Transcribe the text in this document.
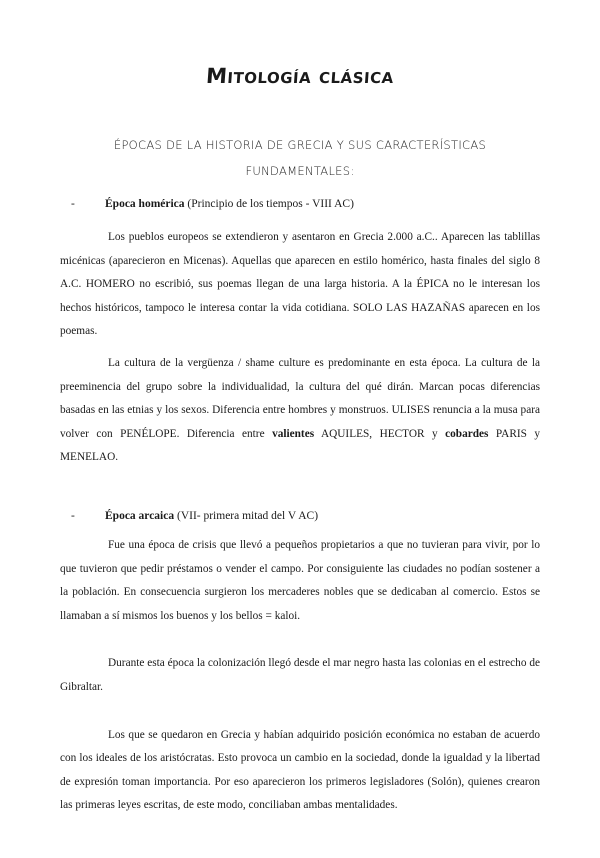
Mitología clásica
ÉPOCAS DE LA HISTORIA DE GRECIA Y SUS CARACTERÍSTICAS
FUNDAMENTALES:
-	Época homérica (Principio de los tiempos - VIII AC)

Los pueblos europeos se extendieron y asentaron en Grecia 2.000 a.C.. Aparecen las tablillas micénicas (aparecieron en Micenas). Aquellas que aparecen en estilo homérico, hasta finales del siglo 8 A.C. HOMERO no escribió, sus poemas llegan de una larga historia. A la ÉPICA no le interesan los hechos históricos, tampoco le interesa contar la vida cotidiana. SOLO LAS HAZAÑAS aparecen en los poemas.

La cultura de la vergüenza / shame culture es predominante en esta época. La cultura de la preeminencia del grupo sobre la individualidad, la cultura del qué dirán. Marcan pocas diferencias basadas en las etnias y los sexos. Diferencia entre hombres y monstruos. ULISES renuncia a la musa para volver con PENÉLOPE. Diferencia entre valientes AQUILES, HECTOR y cobardes PARIS y MENELAO.

-	Época arcaica (VII- primera mitad del V AC)

Fue una época de crisis que llevó a pequeños propietarios a que no tuvieran para vivir, por lo que tuvieron que pedir préstamos o vender el campo. Por consiguiente las ciudades no podían sostener a la población. En consecuencia surgieron los mercaderes nobles que se dedicaban al comercio. Estos se llamaban a sí mismos los buenos y los bellos = kaloi.

Durante esta época la colonización llegó desde el mar negro hasta las colonias en el estrecho de Gibraltar.

Los que se quedaron en Grecia y habían adquirido posición económica no estaban de acuerdo con los ideales de los aristócratas. Esto provoca un cambio en la sociedad, donde la igualdad y la libertad de expresión toman importancia. Por eso aparecieron los primeros legisladores (Solón), quienes crearon las primeras leyes escritas, de este modo, conciliaban ambas mentalidades.
